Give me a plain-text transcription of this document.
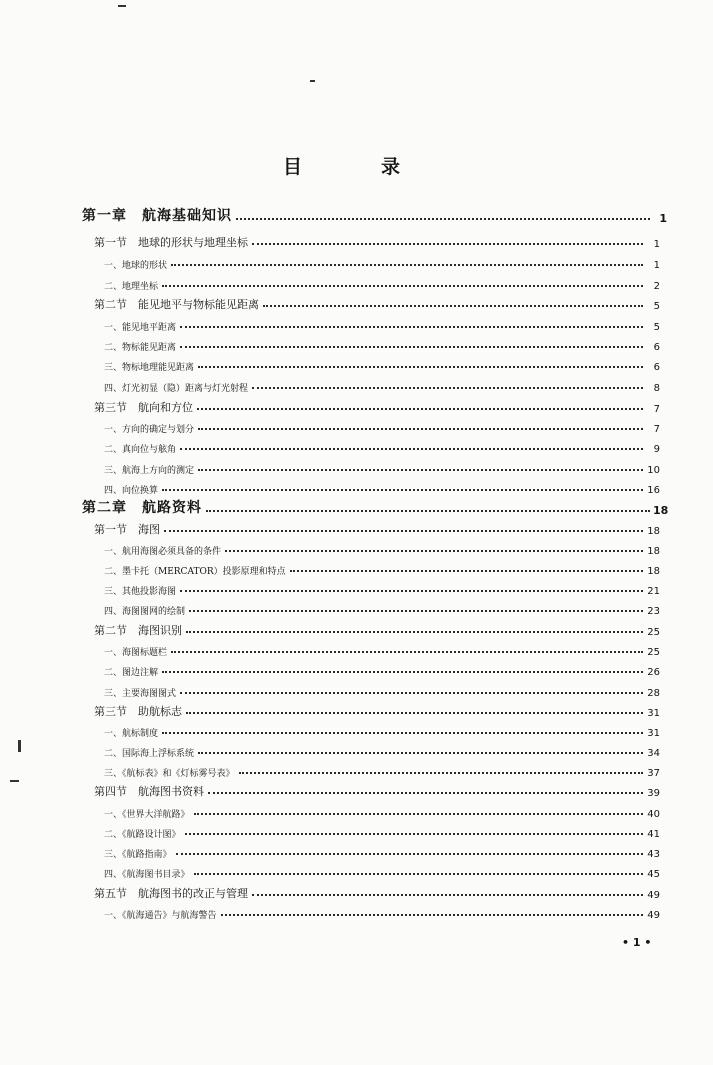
目　录
第一章　航海基础知识	1
第一节　地球的形状与地理坐标	1
一、地球的形状	1
二、地理坐标	2
第二节　能见地平与物标能见距离	5
一、能见地平距离	5
二、物标能见距离	6
三、物标地理能见距离	6
四、灯光初显（隐）距离与灯光射程	8
第三节　航向和方位	7
一、方向的确定与划分	7
二、真向位与舷角	9
三、航海上方向的测定	10
四、向位换算	16
第二章　航路资料	18
第一节　海图	18
一、航用海图必须具备的条件	18
二、墨卡托（MERCATOR）投影原理和特点	18
三、其他投影海图	21
四、海图图网的绘制	23
第二节　海图识别	25
一、海图标题栏	25
二、图边注解	26
三、主要海图图式	28
第三节　助航标志	31
一、航标制度	31
二、国际海上浮标系统	34
三、《航标表》和《灯标雾号表》	37
第四节　航海图书资料	39
一、《世界大洋航路》	40
二、《航路设计图》	41
三、《航路指南》	43
四、《航海图书目录》	45
第五节　航海图书的改正与管理	49
一、《航海通告》与航海警告	49
• 1 •
